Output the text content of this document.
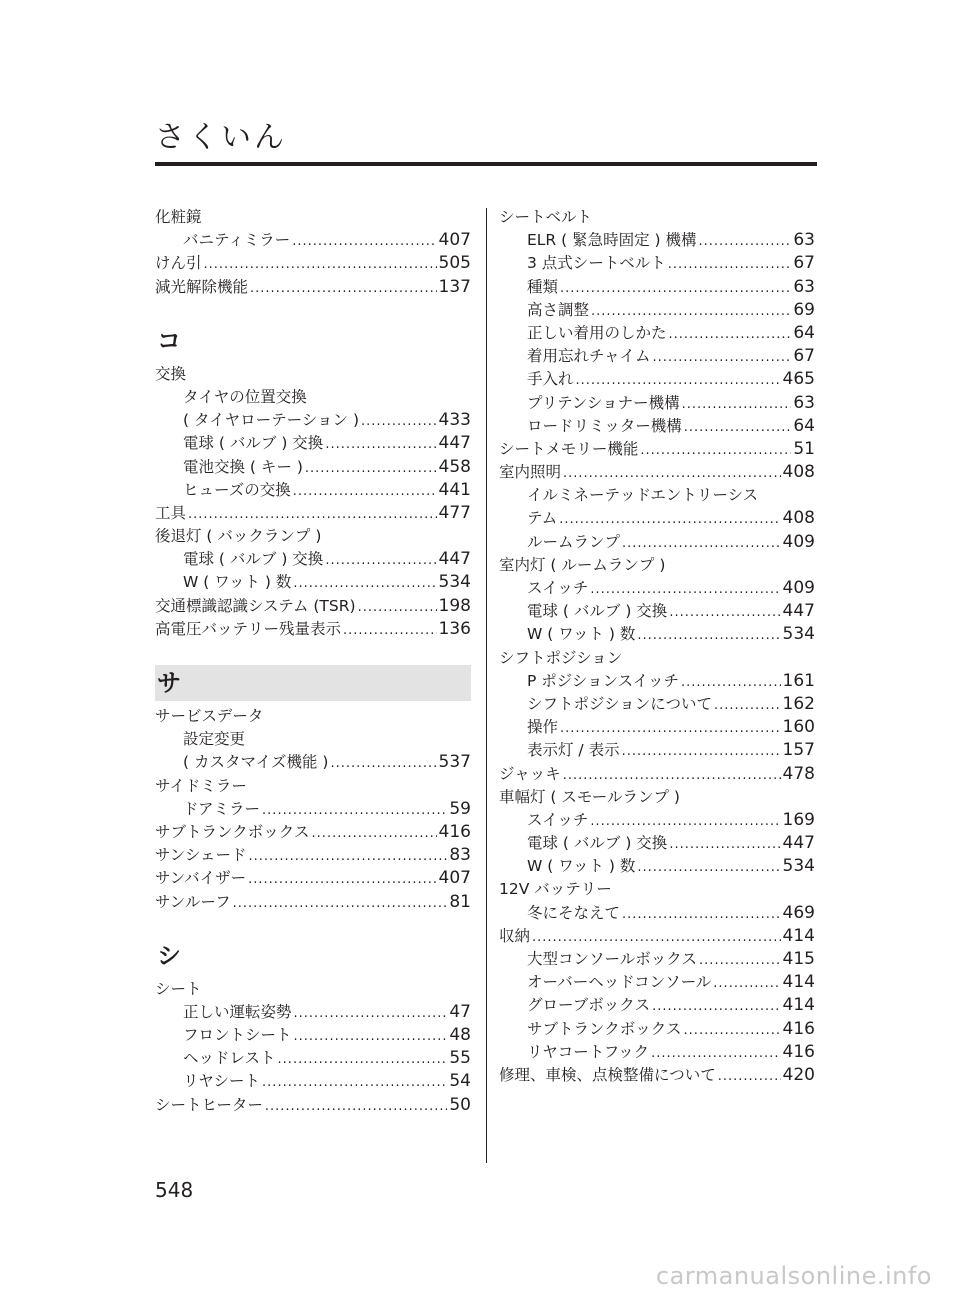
さくいん
化粧鏡
バニティミラー .....	407
けん引 .....	505
減光解除機能 .....	137
コ
交換
タイヤの位置交換
( タイヤローテーション ) .....	433
電球 ( バルブ ) 交換 .....	447
電池交換 ( キー ) .....	458
ヒューズの交換 .....	441
工具 .....	477
後退灯 ( バックランプ )
電球 ( バルブ ) 交換 .....	447
W ( ワット ) 数 .....	534
交通標識認識システム (TSR) .....	198
高電圧バッテリー残量表示 .....	136
サ
サービスデータ
設定変更
( カスタマイズ機能 ) .....	537
サイドミラー
ドアミラー .....	59
サブトランクボックス .....	416
サンシェード .....	83
サンバイザー .....	407
サンルーフ .....	81
シ
シート
正しい運転姿勢 .....	47
フロントシート .....	48
ヘッドレスト .....	55
リヤシート .....	54
シートヒーター .....	50
シートベルト
ELR ( 緊急時固定 ) 機構 .....	63
3 点式シートベルト .....	67
種類 .....	63
高さ調整 .....	69
正しい着用のしかた .....	64
着用忘れチャイム .....	67
手入れ .....	465
プリテンショナー機構 .....	63
ロードリミッター機構 .....	64
シートメモリー機能 .....	51
室内照明 .....	408
イルミネーテッドエントリーシス
テム .....	408
ルームランプ .....	409
室内灯 ( ルームランプ )
スイッチ .....	409
電球 ( バルブ ) 交換 .....	447
W ( ワット ) 数 .....	534
シフトポジション
P ポジションスイッチ .....	161
シフトポジションについて .....	162
操作 .....	160
表示灯 / 表示 .....	157
ジャッキ .....	478
車幅灯 ( スモールランプ )
スイッチ .....	169
電球 ( バルブ ) 交換 .....	447
W ( ワット ) 数 .....	534
12V バッテリー
冬にそなえて .....	469
収納 .....	414
大型コンソールボックス .....	415
オーバーヘッドコンソール .....	414
グローブボックス .....	414
サブトランクボックス .....	416
リヤコートフック .....	416
修理、車検、点検整備について .....	420
548
carmanualsonline.info
